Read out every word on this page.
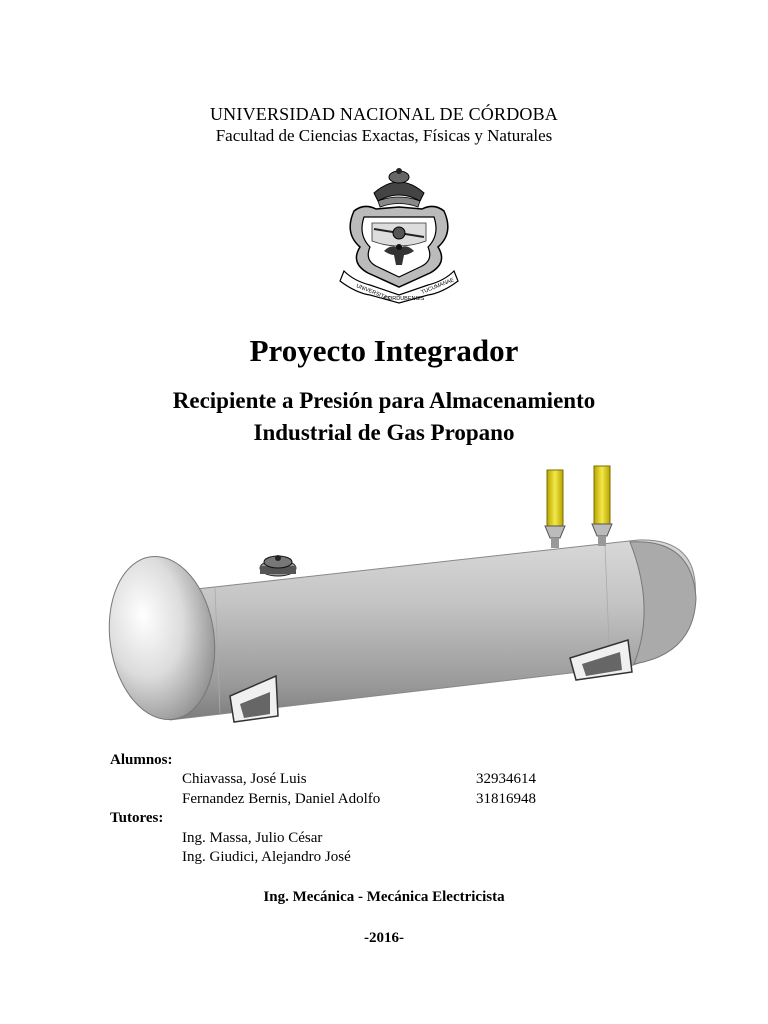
UNIVERSIDAD NACIONAL DE CÓRDOBA
Facultad de Ciencias Exactas, Físicas y Naturales
UNIVERSITAS
CORDUBENSIS
TUCUMANAE
Proyecto Integrador
Recipiente a Presión para Almacenamiento
Industrial de Gas Propano
Alumnos:
Chiavassa, José Luis	32934614
Fernandez Bernis, Daniel Adolfo	31816948
Tutores:
Ing. Massa, Julio César
Ing. Giudici, Alejandro José
Ing. Mecánica - Mecánica Electricista
-2016-
